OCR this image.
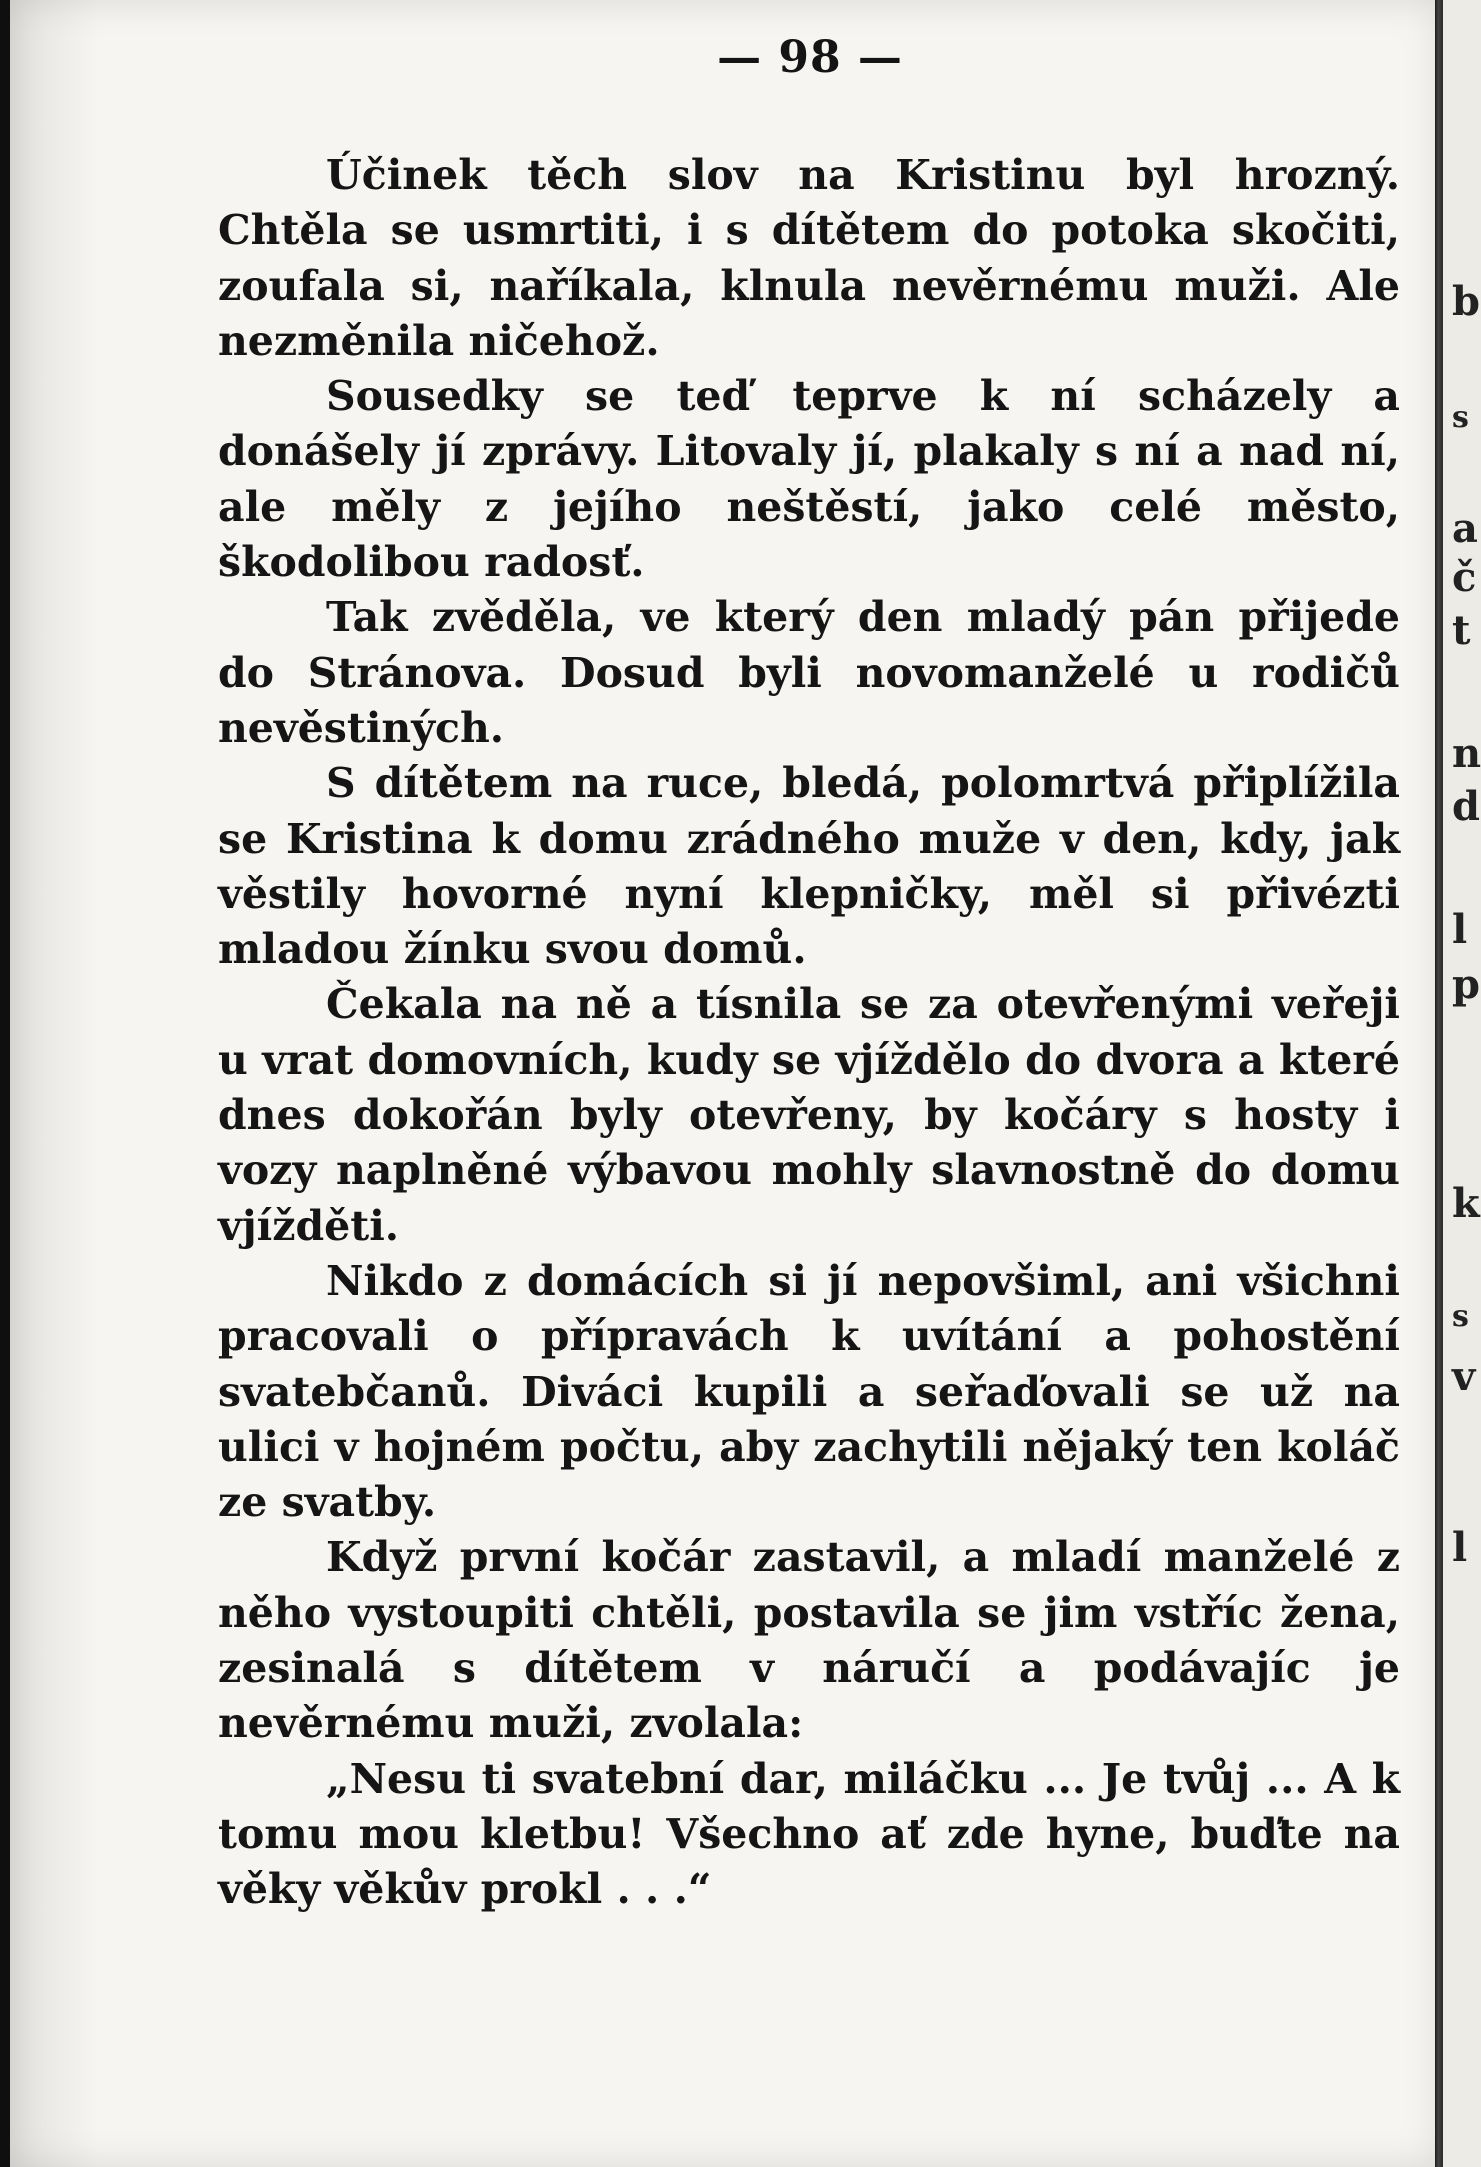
— 98 —

Účinek těch slov na Kristinu byl hrozný. Chtěla se usmrtiti, i s dítětem do potoka skočiti, zoufala si, naříkala, klnula nevěrnému muži. Ale nezměnila ničehož.

Sousedky se teď teprve k ní scházely a donášely jí zprávy. Litovaly jí, plakaly s ní a nad ní, ale měly z jejího neštěstí, jako celé město, škodolibou radosť.

Tak zvěděla, ve který den mladý pán přijede do Stránova. Dosud byli novomanželé u rodičů nevěstiných.

S dítětem na ruce, bledá, polomrtvá připlížila se Kristina k domu zrádného muže v den, kdy, jak věstily hovorné nyní klepničky, měl si přivézti mladou žínku svou domů.

Čekala na ně a tísnila se za otevřenými veřeji u vrat domovních, kudy se vjíždělo do dvora a které dnes dokořán byly otevřeny, by kočáry s hosty i vozy naplněné výbavou mohly slavnostně do domu vjížděti.

Nikdo z domácích si jí nepovšiml, ani všichni pracovali o přípravách k uvítání a pohostění svatebčanů. Diváci kupili a seřaďovali se už na ulici v hojném počtu, aby zachytili nějaký ten koláč ze svatby.

Když první kočár zastavil, a mladí manželé z něho vystoupiti chtěli, postavila se jim vstříc žena, zesinalá s dítětem v náručí a podávajíc je nevěrnému muži, zvolala:

„Nesu ti svatební dar, miláčku ... Je tvůj ... A k tomu mou kletbu! Všechno ať zde hyne, buďte na věky věkův prokl . . .“

b
s
a
č
t
n
d
l
p
k
s
v
l
